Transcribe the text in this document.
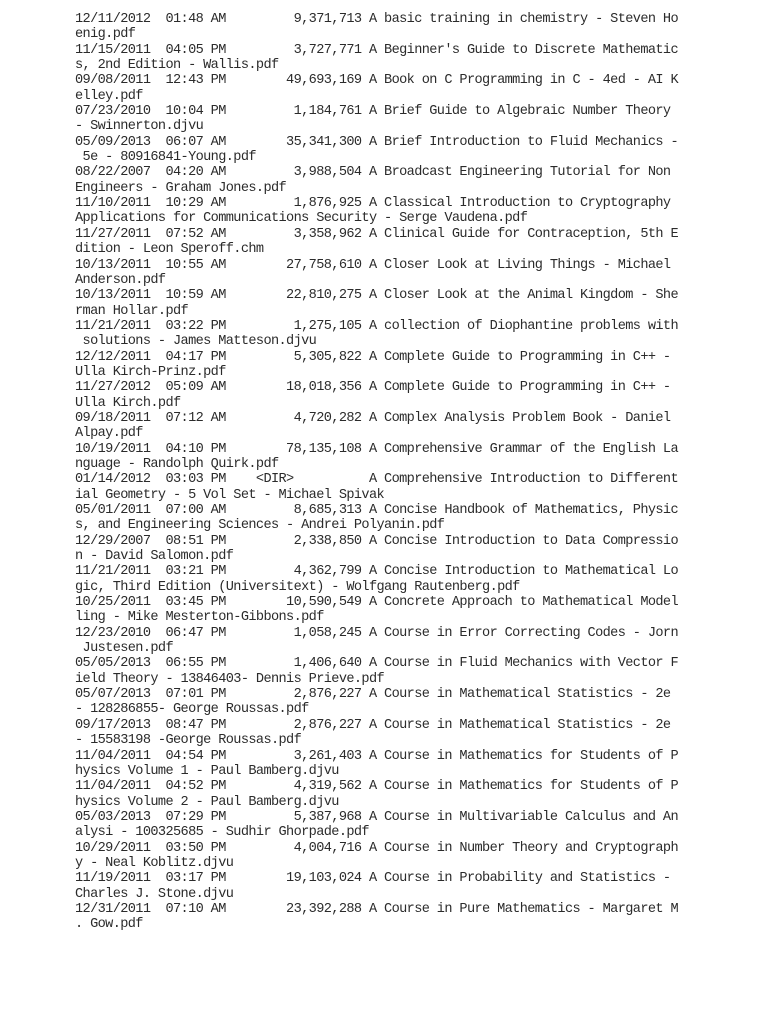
12/11/2012  01:48 AM         9,371,713 A basic training in chemistry - Steven Ho
enig.pdf
11/15/2011  04:05 PM         3,727,771 A Beginner's Guide to Discrete Mathematic
s, 2nd Edition - Wallis.pdf
09/08/2011  12:43 PM        49,693,169 A Book on C Programming in C - 4ed - AI K
elley.pdf
07/23/2010  10:04 PM         1,184,761 A Brief Guide to Algebraic Number Theory
- Swinnerton.djvu
05/09/2013  06:07 AM        35,341,300 A Brief Introduction to Fluid Mechanics -
5e - 80916841-Young.pdf
08/22/2007  04:20 AM         3,988,504 A Broadcast Engineering Tutorial for Non
Engineers - Graham Jones.pdf
11/10/2011  10:29 AM         1,876,925 A Classical Introduction to Cryptography
Applications for Communications Security - Serge Vaudena.pdf
11/27/2011  07:52 AM         3,358,962 A Clinical Guide for Contraception, 5th E
dition - Leon Speroff.chm
10/13/2011  10:55 AM        27,758,610 A Closer Look at Living Things - Michael
Anderson.pdf
10/13/2011  10:59 AM        22,810,275 A Closer Look at the Animal Kingdom - She
rman Hollar.pdf
11/21/2011  03:22 PM         1,275,105 A collection of Diophantine problems with
solutions - James Matteson.djvu
12/12/2011  04:17 PM         5,305,822 A Complete Guide to Programming in C++ -
Ulla Kirch-Prinz.pdf
11/27/2012  05:09 AM        18,018,356 A Complete Guide to Programming in C++ -
Ulla Kirch.pdf
09/18/2011  07:12 AM         4,720,282 A Complex Analysis Problem Book - Daniel
Alpay.pdf
10/19/2011  04:10 PM        78,135,108 A Comprehensive Grammar of the English La
nguage - Randolph Quirk.pdf
01/14/2012  03:03 PM    <DIR>          A Comprehensive Introduction to Different
ial Geometry - 5 Vol Set - Michael Spivak
05/01/2011  07:00 AM         8,685,313 A Concise Handbook of Mathematics, Physic
s, and Engineering Sciences - Andrei Polyanin.pdf
12/29/2007  08:51 PM         2,338,850 A Concise Introduction to Data Compressio
n - David Salomon.pdf
11/21/2011  03:21 PM         4,362,799 A Concise Introduction to Mathematical Lo
gic, Third Edition (Universitext) - Wolfgang Rautenberg.pdf
10/25/2011  03:45 PM        10,590,549 A Concrete Approach to Mathematical Model
ling - Mike Mesterton-Gibbons.pdf
12/23/2010  06:47 PM         1,058,245 A Course in Error Correcting Codes - Jorn
Justesen.pdf
05/05/2013  06:55 PM         1,406,640 A Course in Fluid Mechanics with Vector F
ield Theory - 13846403- Dennis Prieve.pdf
05/07/2013  07:01 PM         2,876,227 A Course in Mathematical Statistics - 2e
- 128286855- George Roussas.pdf
09/17/2013  08:47 PM         2,876,227 A Course in Mathematical Statistics - 2e
- 15583198 -George Roussas.pdf
11/04/2011  04:54 PM         3,261,403 A Course in Mathematics for Students of P
hysics Volume 1 - Paul Bamberg.djvu
11/04/2011  04:52 PM         4,319,562 A Course in Mathematics for Students of P
hysics Volume 2 - Paul Bamberg.djvu
05/03/2013  07:29 PM         5,387,968 A Course in Multivariable Calculus and An
alysi - 100325685 - Sudhir Ghorpade.pdf
10/29/2011  03:50 PM         4,004,716 A Course in Number Theory and Cryptograph
y - Neal Koblitz.djvu
11/19/2011  03:17 PM        19,103,024 A Course in Probability and Statistics -
Charles J. Stone.djvu
12/31/2011  07:10 AM        23,392,288 A Course in Pure Mathematics - Margaret M
. Gow.pdf
